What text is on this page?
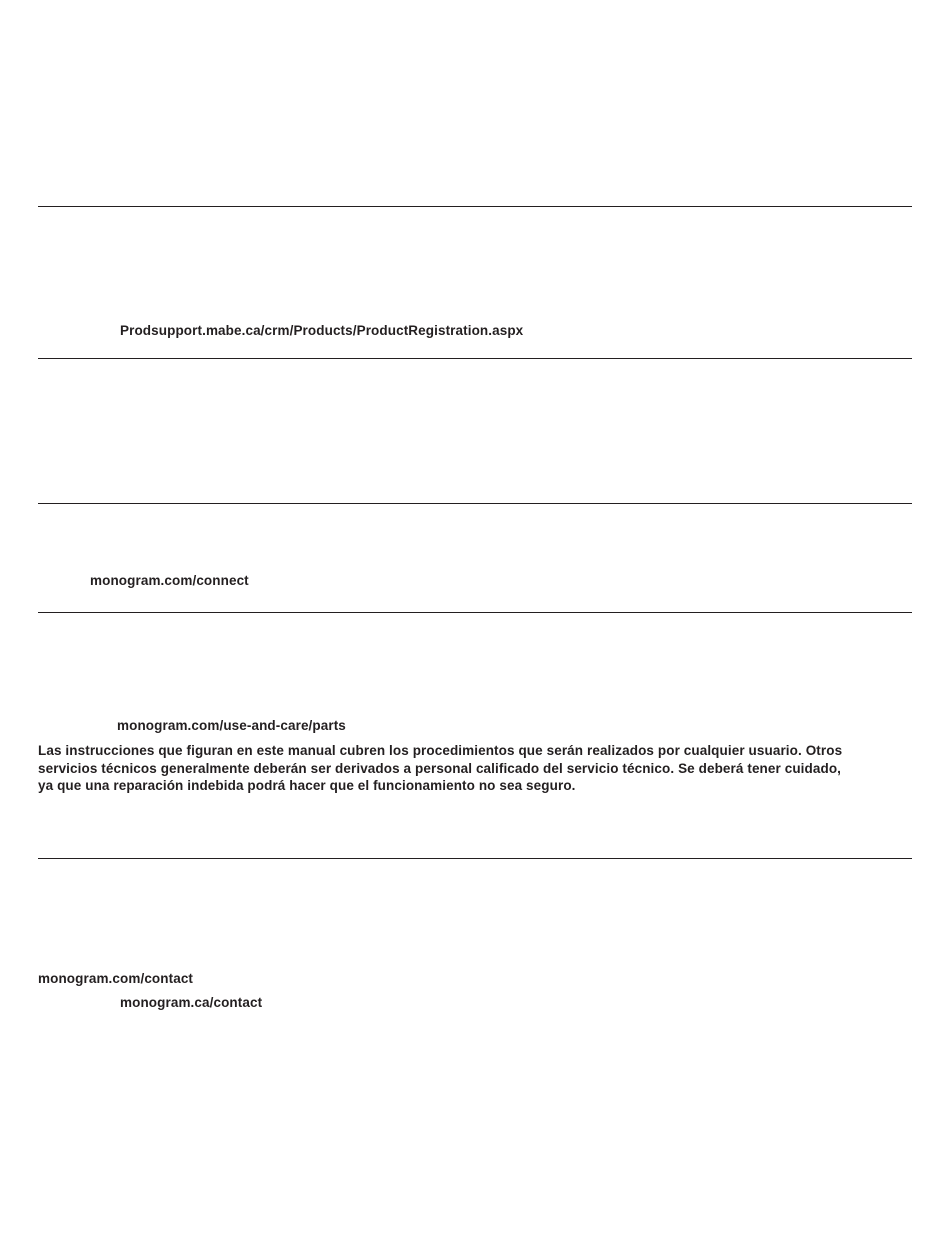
Prodsupport.mabe.ca/crm/Products/ProductRegistration.aspx
monogram.com/connect
monogram.com/use-and-care/parts
Las instrucciones que figuran en este manual cubren los procedimientos que serán realizados por cualquier usuario. Otros
servicios técnicos generalmente deberán ser derivados a personal calificado del servicio técnico. Se deberá tener cuidado,
ya que una reparación indebida podrá hacer que el funcionamiento no sea seguro.
monogram.com/contact
monogram.ca/contact
